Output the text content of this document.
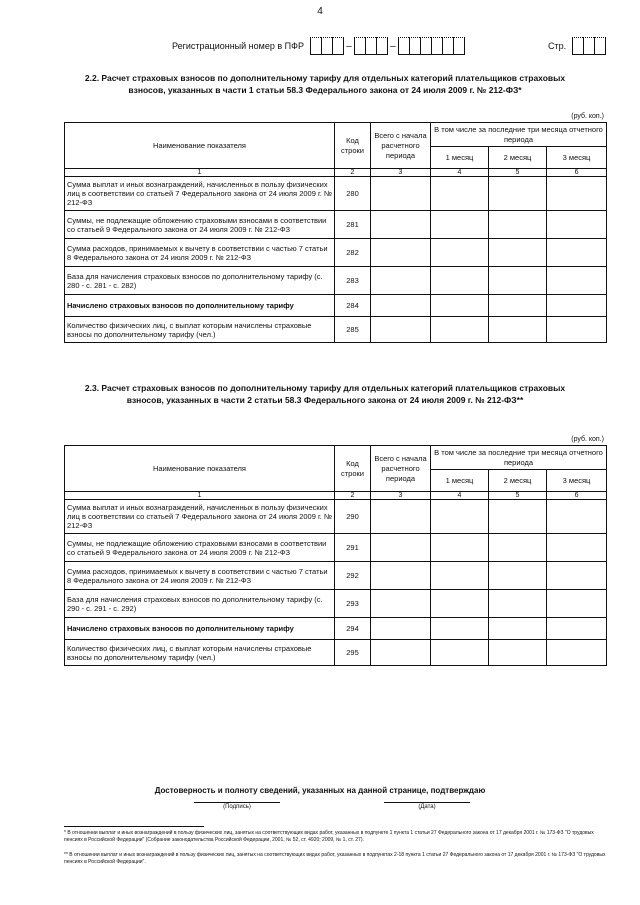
4
Регистрационный номер в ПФР	–	–	Стр.
2.2. Расчет страховых взносов по дополнительному тарифу для отдельных категорий плательщиков страховых
взносов, указанных в части 1 статьи 58.3 Федерального закона от 24 июля 2009 г. № 212-ФЗ*
(руб. коп.)
Наименование показателя	Код строки	Всего с начала расчетного периода	В том числе за последние три месяца отчетного периода		
			1 месяц	2 месяц	3 месяц
1	2	3	4	5	6
Сумма выплат и иных вознаграждений, начисленных в пользу физических лиц в соответствии со статьей 7 Федерального закона от 24 июля 2009 г. № 212-ФЗ	280				
Суммы, не подлежащие обложению страховыми взносами в соответствии со статьей 9 Федерального закона от 24 июля 2009 г. № 212-ФЗ	281				
Сумма расходов, принимаемых к вычету в соответствии с частью 7 статьи 8 Федерального закона от 24 июля 2009 г. № 212-ФЗ	282				
База для начисления страховых взносов по дополнительному тарифу (с. 280 - с. 281 - с. 282)	283				
Начислено страховых взносов по дополнительному тарифу	284				
Количество физических лиц, с выплат которым начислены страховые взносы по дополнительному тарифу (чел.)	285				
2.3. Расчет страховых взносов по дополнительному тарифу для отдельных категорий плательщиков страховых
взносов, указанных в части 2 статьи 58.3 Федерального закона от 24 июля 2009 г. № 212-ФЗ**
(руб. коп.)
Наименование показателя	Код строки	Всего с начала расчетного периода	В том числе за последние три месяца отчетного периода		
			1 месяц	2 месяц	3 месяц
1	2	3	4	5	6
Сумма выплат и иных вознаграждений, начисленных в пользу физических лиц в соответствии со статьей 7 Федерального закона от 24 июля 2009 г. № 212-ФЗ	290				
Суммы, не подлежащие обложению страховыми взносами в соответствии со статьей 9 Федерального закона от 24 июля 2009 г. № 212-ФЗ	291				
Сумма расходов, принимаемых к вычету в соответствии с частью 7 статьи 8 Федерального закона от 24 июля 2009 г. № 212-ФЗ	292				
База для начисления страховых взносов по дополнительному тарифу (с. 290 - с. 291 - с. 292)	293				
Начислено страховых взносов по дополнительному тарифу	294				
Количество физических лиц, с выплат которым начислены страховые взносы по дополнительному тарифу (чел.)	295				
Достоверность и полноту сведений, указанных на данной странице, подтверждаю
(Подпись)	(Дата)
* В отношении выплат и иных вознаграждений в пользу физических лиц, занятых на соответствующих видах работ, указанных в подпункте 1 пункта 1 статьи 27 Федерального закона от 17 декабря 2001 г. № 173-ФЗ "О трудовых пенсиях в Российской Федерации" (Собрание законодательства Российской Федерации, 2001, № 52, ст. 4920; 2009, № 1, ст. 27).
** В отношении выплат и иных вознаграждений в пользу физических лиц, занятых на соответствующих видах работ, указанных в подпунктах 2-18 пункта 1 статьи 27 Федерального закона от 17 декабря 2001 г. № 173-ФЗ "О трудовых пенсиях в Российской Федерации".
